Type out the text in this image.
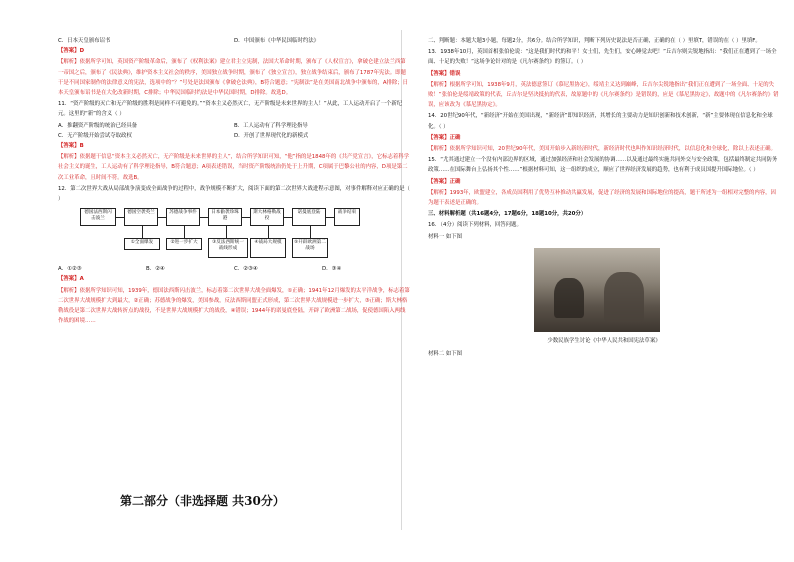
C．日本天皇颁布诏书	D．中国颁布《中华民国临时约法》

【答案】D

【解析】依据所学可知，英国资产阶级革命后，颁布了《权利法案》建立君主立宪制，法国大革命时期，颁布了《人权宣言》，拿破仑建立法兰西第一帝国之后，颁布了《民法典》，维护资本主义社会的秩序，美国独立战争时期，颁布了《独立宣言》，独立战争结束后，颁布了1787年宪法。即题干是不同国家制作的法律意义的宪法，选项中的“？”号处是法国颁布《拿破仑法典》，B符合题意；“宪制法”是在美国南北战争中颁布的，A排除；日本天皇颁布诏书是在大化改新时期，C排除；中华民国临时约法是中华民国时期，D排除。故选D。

11．“资产阶级的灭亡和无产阶级的胜利是同样不可避免的。”“资本主义必然灭亡，无产阶级是未来世界的主人！”从此，工人运动开启了一个新纪元。这里的“新”的含义（ ）

A．推翻资产阶级的统治已经具备	B．工人运动有了科学理论指导
C．无产阶级开始尝试夺取政权	D．开创了世界现代化的新模式

【答案】B

【解析】依据题干信息“资本主义必然灭亡，无产阶级是未来世界的主人”，结合所学知识可知，“他”指的是1848年的《共产党宣言》，它标志着科学社会主义的诞生，工人运动有了科学理论指导，B符合题意；A项表述错误，当时资产阶级统治仍处于上升期，C项属于巴黎公社的内容，D项是第二次工业革命，且时间不符。故选B。

12．第二次世界大战从局部战争演变成全面战争的过程中，战争规模不断扩大，阅读下面的第二次世界大战进程示意图，对事件解释对应正确的是（ ）

德国法西斯闪击波兰
德国空袭英兰	苏德战争事件	日本偷袭珍珠港
斯大林格勒战役
诺曼底登陆	战争结束
①全面爆发	②进一步扩大	③反法西斯统一战线形成
④战局大规模	⑤开辟欧洲第二战场
A．①②③	B．②④	C．②③④	D．③④

【答案】A

【解析】依据所学知识可知，1939年，德国法西斯闪击波兰，标志着第二次世界大战全面爆发，①正确；1941年12月爆发的太平洋战争，标志着第二次世界大战规模扩大到最大，②正确；苏德战争的爆发，美国参战，反法西斯同盟正式形成，第二次世界大战规模进一步扩大，③正确；斯大林格勒战役是第二次世界大战转折点的战役，不是世界大战规模扩大的战役，④错误；1944年的诺曼底登陆，开辟了欧洲第二战场，促使德国陷入两线作战的困境……

第二部分（非选择题 共30分）

二、判断题：本题大题3小题，每题2分，共6分。结合所学知识，判断下列历史说法是否正确，正确的在（ ）里填T，错误的在（ ）里填F。

13．1938年10月，英国首相张伯伦说：“这是我们时代的和平！女士们，先生们，安心睡觉去吧！”丘吉尔则尖锐地指出：“我们正在遭到了一场全面、十足的失败！”这场争论针对的是《凡尔赛条约》的签订。（ ）

【答案】错误

【解析】根据所学可知，1938年9月，英法德意签订《慕尼黑协定》，绥靖主义达到巅峰，丘吉尔尖锐地指出“我们正在遭到了一场全面、十足的失败！”张伯伦是绥靖政策的代表，丘吉尔是坚决抵抗的代表，故原题中的《凡尔赛条约》是错误的，应是《慕尼黑协定》，故题中的《凡尔赛条约》错误，应该改为《慕尼黑协定》。

14．20世纪90年代，“新经济”开始在美国出现，“新经济”即知识经济，其增长的主要动力是知识创新和技术创新，“新”主要体现在信息化和全球化。（ ）

【答案】正确

【解析】依据所学知识可知，20世纪90年代，美国开始步入新经济时代，新经济时代也叫作知识经济时代，以信息化和全球化，除以上表述正确。

15．“尤其通过建立一个没有内部边界的区域，通过加强经济和社会发展的协调……以及通过最终实施共同外交与安全政策，包括最终制定共同防务政策……在国际舞台上弘扬其个性……”根据材料可知，这一组织的成立，顺应了世界经济发展的趋势，也有利于成员国提升国际地位。（ ）

【答案】正确

【解析】1993年，欧盟建立，各成员国利用了优势互补推动共赢发展，促进了经济的发展和国际地位的提高，题干所述为一组相对完整的内容，因为题干表述是正确的。

三、材料解析题（共16题4分，17题6分，18题10分，共20分）

16．（4分）阅读下列材料，回答问题。

材料一 如下图

少数民族学生讨论《中华人民共和国宪法草案》

材料二 如下图
